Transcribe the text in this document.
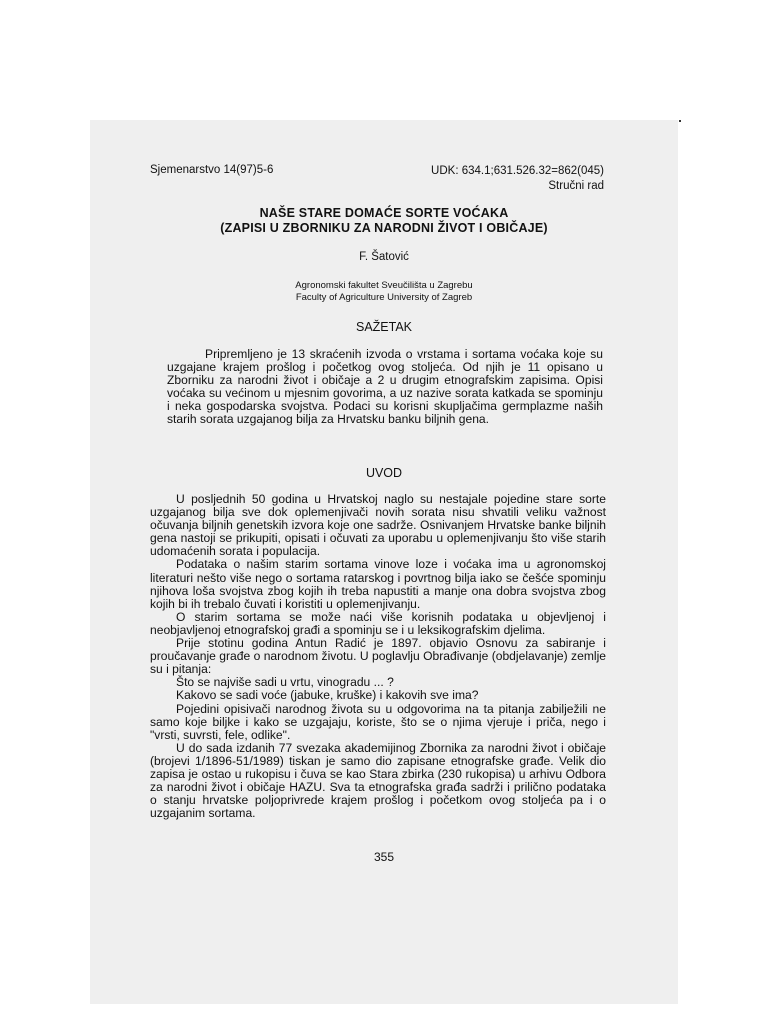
Sjemenarstvo 14(97)5-6	UDK: 634.1;631.526.32=862(045)
Stručni rad
NAŠE STARE DOMAĆE SORTE VOĆAKA
(ZAPISI U ZBORNIKU ZA NARODNI ŽIVOT I OBIČAJE)
F. Šatović
Agronomski fakultet Sveučilišta u Zagrebu
Faculty of Agriculture University of Zagreb
SAŽETAK
Pripremljeno je 13 skraćenih izvoda o vrstama i sortama voćaka koje su uzgajane krajem prošlog i početkog ovog stoljeća. Od njih je 11 opisano u Zborniku za narodni život i običaje a 2 u drugim etnografskim zapisima. Opisi voćaka su većinom u mjesnim govorima, a uz nazive sorata katkada se spominju i neka gospodarska svojstva. Podaci su korisni skupljačima germplazme naših starih sorata uzgajanog bilja za Hrvatsku banku biljnih gena.
UVOD

U posljednih 50 godina u Hrvatskoj naglo su nestajale pojedine stare sorte uzgajanog bilja sve dok oplemenjivači novih sorata nisu shvatili veliku važnost očuvanja biljnih genetskih izvora koje one sadrže. Osnivanjem Hrvatske banke biljnih gena nastoji se prikupiti, opisati i očuvati za uporabu u oplemenjivanju što više starih udomaćenih sorata i populacija.

Podataka o našim starim sortama vinove loze i voćaka ima u agronomskoj literaturi nešto više nego o sortama ratarskog i povrtnog bilja iako se češće spominju njihova loša svojstva zbog kojih ih treba napustiti a manje ona dobra svojstva zbog kojih bi ih trebalo čuvati i koristiti u oplemenjivanju.

O starim sortama se može naći više korisnih podataka u objevljenoj i neobjavljenoj etnografskoj građi a spominju se i u leksikografskim djelima.

Prije stotinu godina Antun Radić je 1897. objavio Osnovu za sabiranje i proučavanje građe o narodnom životu. U poglavlju Obrađivanje (obdjelavanje) zemlje su i pitanja:

Što se najviše sadi u vrtu, vinogradu ... ?

Kakovo se sadi voće (jabuke, kruške) i kakovih sve ima?

Pojedini opisivači narodnog života su u odgovorima na ta pitanja zabilježili ne samo koje biljke i kako se uzgajaju, koriste, što se o njima vjeruje i priča, nego i "vrsti, suvrsti, fele, odlike".

U do sada izdanih 77 svezaka akademijinog Zbornika za narodni život i običaje (brojevi 1/1896-51/1989) tiskan je samo dio zapisane etnografske građe. Velik dio zapisa je ostao u rukopisu i čuva se kao Stara zbirka (230 rukopisa) u arhivu Odbora za narodni život i običaje HAZU. Sva ta etnografska građa sadrži i prilično podataka o stanju hrvatske poljoprivrede krajem prošlog i početkom ovog stoljeća pa i o uzgajanim sortama.

355
